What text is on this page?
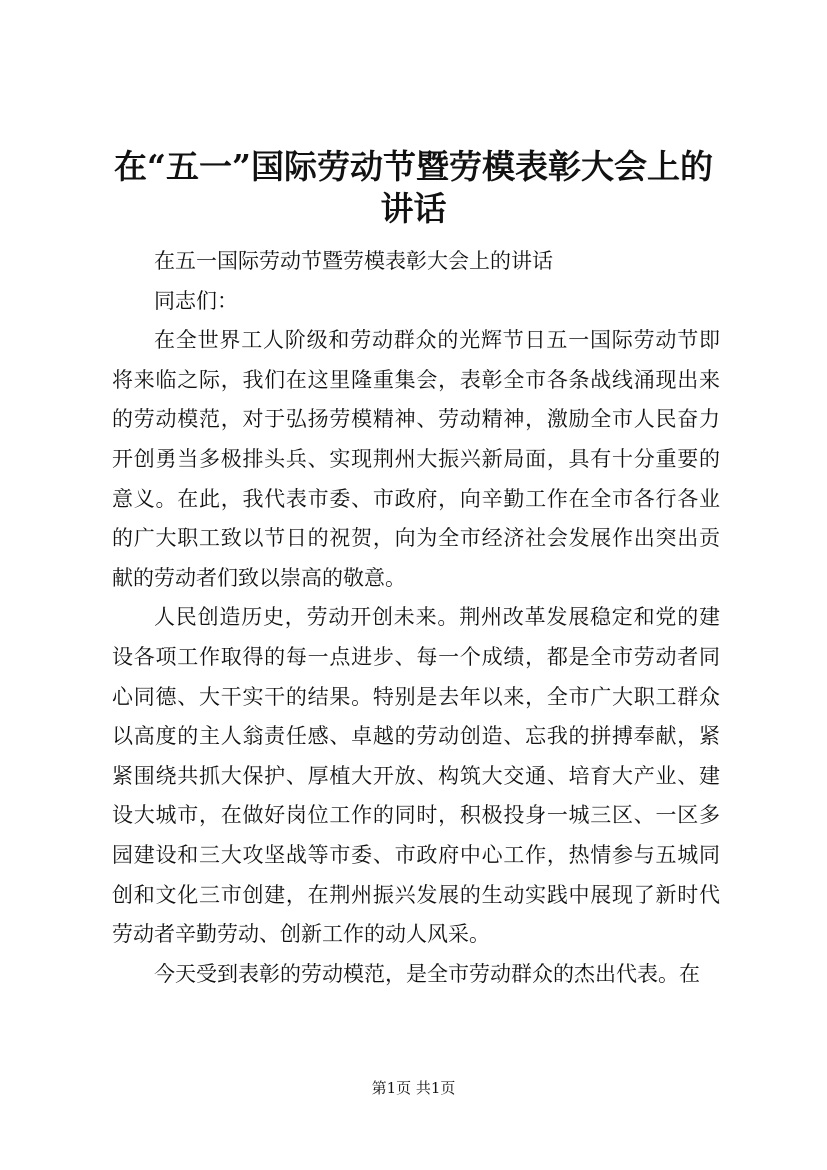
在“五一”国际劳动节暨劳模表彰大会上的讲话

在五一国际劳动节暨劳模表彰大会上的讲话

同志们：

在全世界工人阶级和劳动群众的光辉节日五一国际劳动节即将来临之际，我们在这里隆重集会，表彰全市各条战线涌现出来的劳动模范，对于弘扬劳模精神、劳动精神，激励全市人民奋力开创勇当多极排头兵、实现荆州大振兴新局面，具有十分重要的意义。在此，我代表市委、市政府，向辛勤工作在全市各行各业的广大职工致以节日的祝贺，向为全市经济社会发展作出突出贡献的劳动者们致以崇高的敬意。

人民创造历史，劳动开创未来。荆州改革发展稳定和党的建设各项工作取得的每一点进步、每一个成绩，都是全市劳动者同心同德、大干实干的结果。特别是去年以来，全市广大职工群众以高度的主人翁责任感、卓越的劳动创造、忘我的拼搏奉献，紧紧围绕共抓大保护、厚植大开放、构筑大交通、培育大产业、建设大城市，在做好岗位工作的同时，积极投身一城三区、一区多园建设和三大攻坚战等市委、市政府中心工作，热情参与五城同创和文化三市创建，在荆州振兴发展的生动实践中展现了新时代劳动者辛勤劳动、创新工作的动人风采。

今天受到表彰的劳动模范，是全市劳动群众的杰出代表。在

第1页 共1页
